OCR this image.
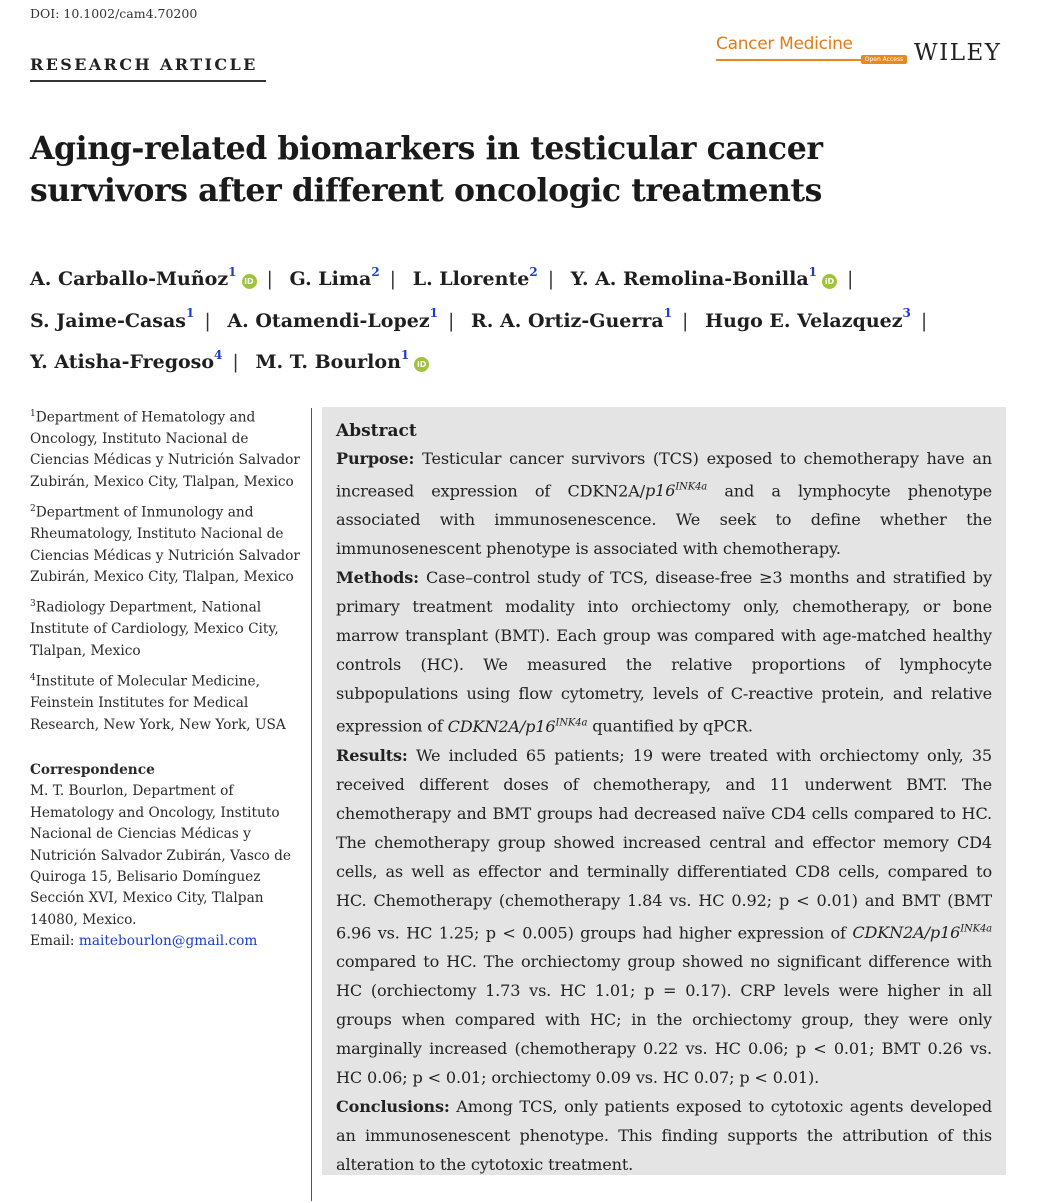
DOI: 10.1002/cam4.70200
RESEARCH ARTICLE
Cancer Medicine
Open Access WILEY
Aging-related biomarkers in testicular cancer survivors after different oncologic treatments
A. Carballo-Muñoz$^1$iD | G. Lima$^2$ | L. Llorente$^2$ | Y. A. Remolina-Bonilla$^1$iD |
S. Jaime-Casas$^1$ | A. Otamendi-Lopez$^1$ | R. A. Ortiz-Guerra$^1$ | Hugo E. Velazquez$^3$ |
Y. Atisha-Fregoso$^4$ | M. T. Bourlon$^1$iD

$^1$Department of Hematology and Oncology, Instituto Nacional de Ciencias Médicas y Nutrición Salvador Zubirán, Mexico City, Tlalpan, Mexico

$^2$Department of Inmunology and Rheumatology, Instituto Nacional de Ciencias Médicas y Nutrición Salvador Zubirán, Mexico City, Tlalpan, Mexico

$^3$Radiology Department, National Institute of Cardiology, Mexico City, Tlalpan, Mexico

$^4$Institute of Molecular Medicine, Feinstein Institutes for Medical Research, New York, New York, USA

Correspondence
M. T. Bourlon, Department of Hematology and Oncology, Instituto Nacional de Ciencias Médicas y Nutrición Salvador Zubirán, Vasco de Quiroga 15, Belisario Domínguez Sección XVI, Mexico City, Tlalpan 14080, Mexico.
Email: maitebourlon@gmail.com
Abstract

Purpose: Testicular cancer survivors (TCS) exposed to chemotherapy have an increased expression of $CDKN2A/p16^{INK4a}$ and a lymphocyte phenotype associated with immunosenescence. We seek to define whether the immunosenescent phenotype is associated with chemotherapy.

Methods: Case–control study of TCS, disease-free ≥3 months and stratified by primary treatment modality into orchiectomy only, chemotherapy, or bone marrow transplant (BMT). Each group was compared with age-matched healthy controls (HC). We measured the relative proportions of lymphocyte subpopulations using flow cytometry, levels of C-reactive protein, and relative expression of $CDKN2A/p16^{INK4a}$ quantified by qPCR.

Results: We included 65 patients; 19 were treated with orchiectomy only, 35 received different doses of chemotherapy, and 11 underwent BMT. The chemotherapy and BMT groups had decreased naïve CD4 cells compared to HC. The chemotherapy group showed increased central and effector memory CD4 cells, as well as effector and terminally differentiated CD8 cells, compared to HC. Chemotherapy (chemotherapy 1.84 vs. HC 0.92; p < 0.01) and BMT (BMT 6.96 vs. HC 1.25; p < 0.005) groups had higher expression of $CDKN2A/p16^{INK4a}$ compared to HC. The orchiectomy group showed no significant difference with HC (orchiectomy 1.73 vs. HC 1.01; p = 0.17). CRP levels were higher in all groups when compared with HC; in the orchiectomy group, they were only marginally increased (chemotherapy 0.22 vs. HC 0.06; p < 0.01; BMT 0.26 vs. HC 0.06; p < 0.01; orchiectomy 0.09 vs. HC 0.07; p < 0.01).

Conclusions: Among TCS, only patients exposed to cytotoxic agents developed an immunosenescent phenotype. This finding supports the attribution of this alteration to the cytotoxic treatment.
